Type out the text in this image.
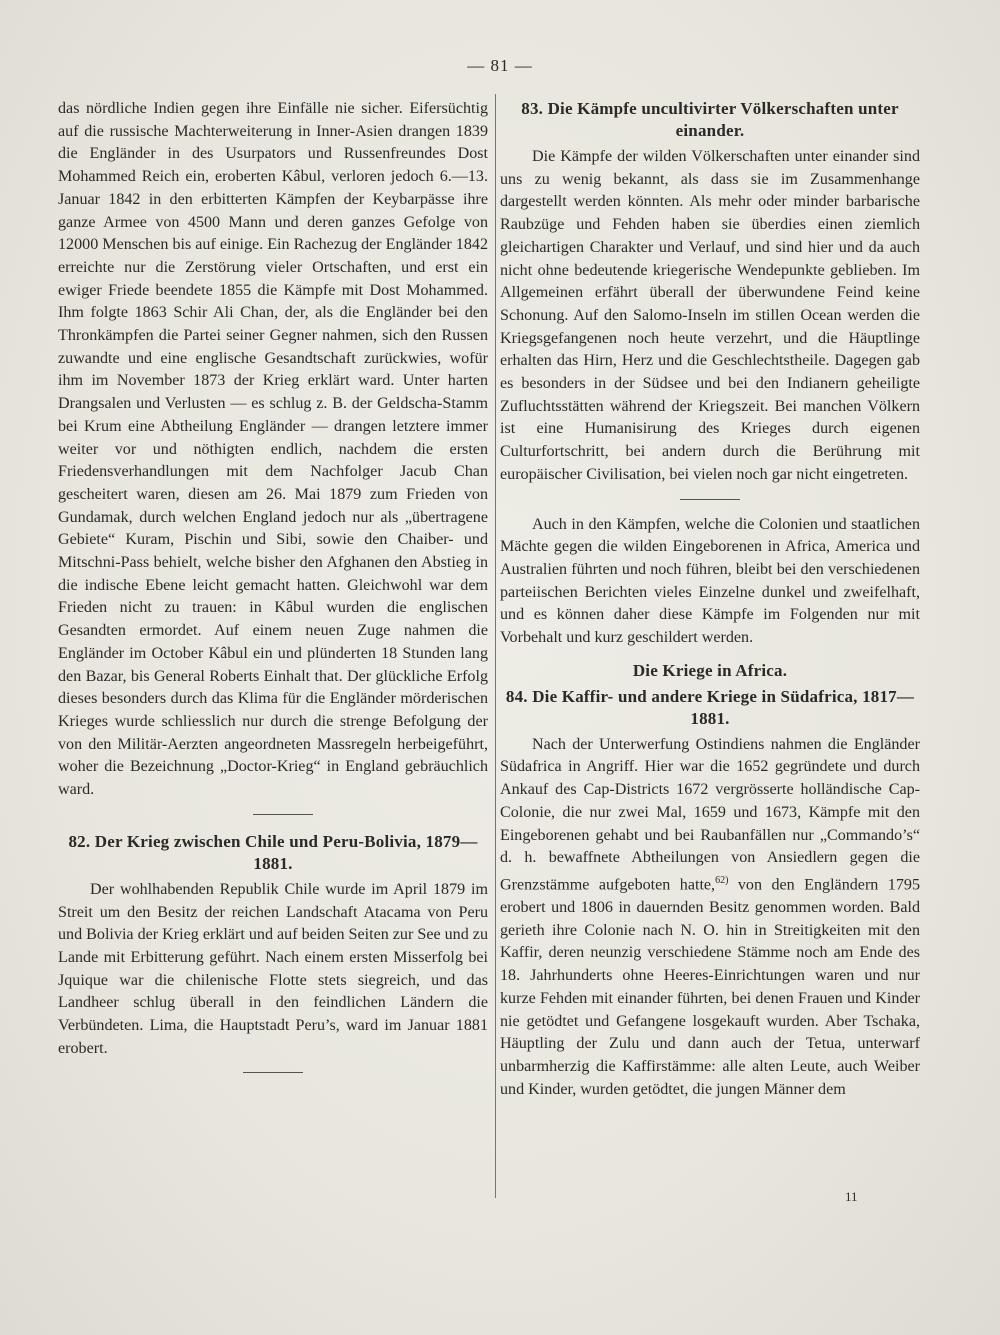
— 81 —

das nördliche Indien gegen ihre Einfälle nie sicher. Eifersüchtig auf die russische Machterweiterung in Inner-Asien drangen 1839 die Engländer in des Usurpators und Russenfreundes Dost Mohammed Reich ein, eroberten Kâbul, verloren jedoch 6.—13. Januar 1842 in den erbitterten Kämpfen der Keybarpässe ihre ganze Armee von 4500 Mann und deren ganzes Gefolge von 12000 Menschen bis auf einige. Ein Rachezug der Engländer 1842 erreichte nur die Zerstörung vieler Ortschaften, und erst ein ewiger Friede beendete 1855 die Kämpfe mit Dost Mohammed. Ihm folgte 1863 Schir Ali Chan, der, als die Engländer bei den Thronkämpfen die Partei seiner Gegner nahmen, sich den Russen zuwandte und eine englische Gesandtschaft zurückwies, wofür ihm im November 1873 der Krieg erklärt ward. Unter harten Drangsalen und Verlusten — es schlug z. B. der Geldscha-Stamm bei Krum eine Abtheilung Engländer — drangen letztere immer weiter vor und nöthigten endlich, nachdem die ersten Friedensverhandlungen mit dem Nachfolger Jacub Chan gescheitert waren, diesen am 26. Mai 1879 zum Frieden von Gundamak, durch welchen England jedoch nur als „übertragene Gebiete“ Kuram, Pischin und Sibi, sowie den Chaiber- und Mitschni-Pass behielt, welche bisher den Afghanen den Abstieg in die indische Ebene leicht gemacht hatten. Gleichwohl war dem Frieden nicht zu trauen: in Kâbul wurden die englischen Gesandten ermordet. Auf einem neuen Zuge nahmen die Engländer im October Kâbul ein und plünderten 18 Stunden lang den Bazar, bis General Roberts Einhalt that. Der glückliche Erfolg dieses besonders durch das Klima für die Engländer mörderischen Krieges wurde schliesslich nur durch die strenge Befolgung der von den Militär-Aerzten angeordneten Massregeln herbeigeführt, woher die Bezeichnung „Doctor-Krieg“ in England gebräuchlich ward.

82. Der Krieg zwischen Chile und Peru-Bolivia, 1879—1881.

Der wohlhabenden Republik Chile wurde im April 1879 im Streit um den Besitz der reichen Landschaft Atacama von Peru und Bolivia der Krieg erklärt und auf beiden Seiten zur See und zu Lande mit Erbitterung geführt. Nach einem ersten Misserfolg bei Jquique war die chilenische Flotte stets siegreich, und das Landheer schlug überall in den feindlichen Ländern die Verbündeten. Lima, die Hauptstadt Peru’s, ward im Januar 1881 erobert.

83. Die Kämpfe uncultivirter Völkerschaften unter einander.

Die Kämpfe der wilden Völkerschaften unter einander sind uns zu wenig bekannt, als dass sie im Zusammenhange dargestellt werden könnten. Als mehr oder minder barbarische Raubzüge und Fehden haben sie überdies einen ziemlich gleichartigen Charakter und Verlauf, und sind hier und da auch nicht ohne bedeutende kriegerische Wendepunkte geblieben. Im Allgemeinen erfährt überall der überwundene Feind keine Schonung. Auf den Salomo-Inseln im stillen Ocean werden die Kriegsgefangenen noch heute verzehrt, und die Häuptlinge erhalten das Hirn, Herz und die Geschlechtstheile. Dagegen gab es besonders in der Südsee und bei den Indianern geheiligte Zufluchtsstätten während der Kriegszeit. Bei manchen Völkern ist eine Humanisirung des Krieges durch eigenen Culturfortschritt, bei andern durch die Berührung mit europäischer Civilisation, bei vielen noch gar nicht eingetreten.

Auch in den Kämpfen, welche die Colonien und staatlichen Mächte gegen die wilden Eingeborenen in Africa, America und Australien führten und noch führen, bleibt bei den verschiedenen parteiischen Berichten vieles Einzelne dunkel und zweifelhaft, und es können daher diese Kämpfe im Folgenden nur mit Vorbehalt und kurz geschildert werden.

Die Kriege in Africa.
84. Die Kaffir- und andere Kriege in Südafrica, 1817—1881.

Nach der Unterwerfung Ostindiens nahmen die Engländer Südafrica in Angriff. Hier war die 1652 gegründete und durch Ankauf des Cap-Districts 1672 vergrösserte holländische Cap-Colonie, die nur zwei Mal, 1659 und 1673, Kämpfe mit den Eingeborenen gehabt und bei Raubanfällen nur „Commando’s“ d. h. bewaffnete Abtheilungen von Ansiedlern gegen die Grenzstämme aufgeboten hatte,$^{62)}$ von den Engländern 1795 erobert und 1806 in dauernden Besitz genommen worden. Bald gerieth ihre Colonie nach N. O. hin in Streitigkeiten mit den Kaffir, deren neunzig verschiedene Stämme noch am Ende des 18. Jahrhunderts ohne Heeres-Einrichtungen waren und nur kurze Fehden mit einander führten, bei denen Frauen und Kinder nie getödtet und Gefangene losgekauft wurden. Aber Tschaka, Häuptling der Zulu und dann auch der Tetua, unterwarf unbarmherzig die Kaffirstämme: alle alten Leute, auch Weiber und Kinder, wurden getödtet, die jungen Männer dem

11
